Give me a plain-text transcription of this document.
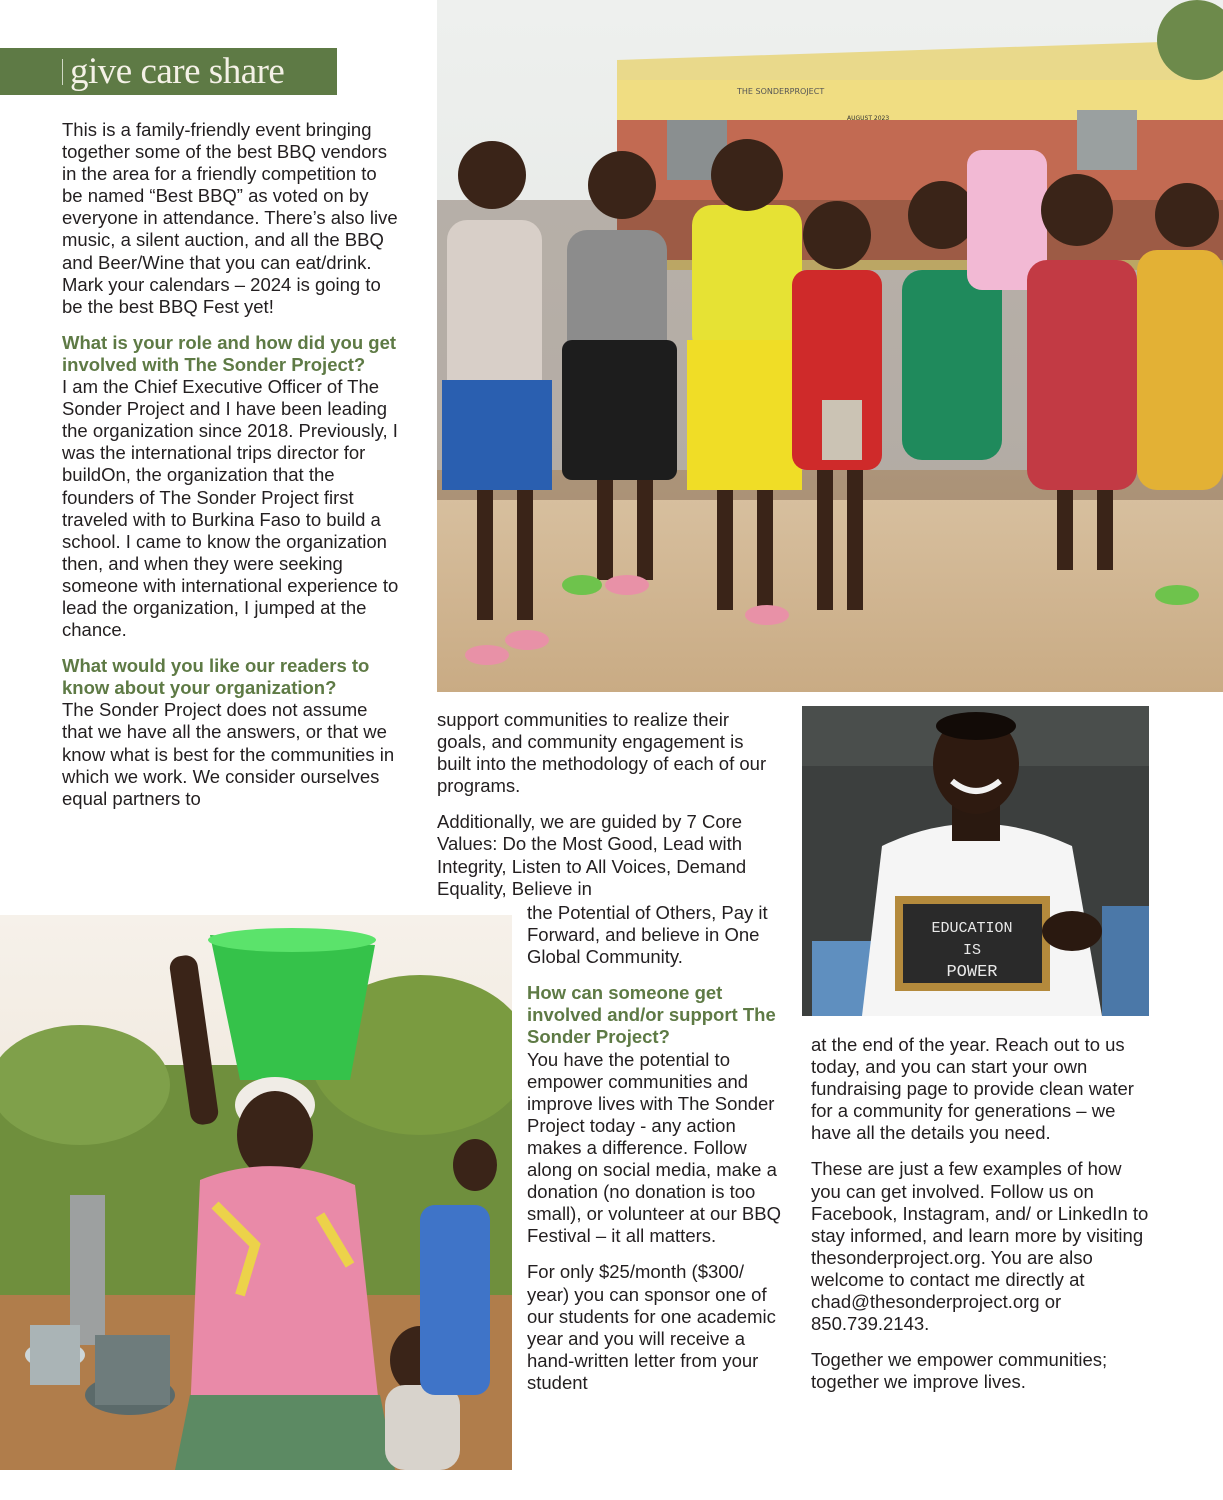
give care share

This is a family-friendly event bringing together some of the best BBQ vendors in the area for a friendly competition to be named “Best BBQ” as voted on by everyone in attendance. There’s also live music, a silent auction, and all the BBQ and Beer/Wine that you can eat/drink. Mark your calendars – 2024 is going to be the best BBQ Fest yet!

What is your role and how did you get involved with The Sonder Project?

I am the Chief Executive Officer of The Sonder Project and I have been leading the organization since 2018. Previously, I was the international trips director for buildOn, the organization that the founders of The Sonder Project first traveled with to Burkina Faso to build a school. I came to know the organization then, and when they were seeking someone with international experience to lead the organization, I jumped at the chance.

What would you like our readers to know about your organization?

The Sonder Project does not assume that we have all the answers, or that we know what is best for the communities in which we work. We consider ourselves equal partners to

THE SONDERPROJECT
AUGUST 2023

support communities to realize their goals, and community engagement is built into the methodology of each of our programs.

Additionally, we are guided by 7 Core Values: Do the Most Good, Lead with Integrity, Listen to All Voices, Demand Equality, Believe in

the Potential of Others, Pay it Forward, and believe in One Global Community.

How can someone get involved and/or support The Sonder Project?

You have the potential to empower communities and improve lives with The Sonder Project today - any action makes a difference. Follow along on social media, make a donation (no donation is too small), or volunteer at our BBQ Festival – it all matters.

For only $25/month ($300/ year) you can sponsor one of our students for one academic year and you will receive a hand-written letter from your student

EDUCATION
IS
POWER

at the end of the year. Reach out to us today, and you can start your own fundraising page to provide clean water for a community for generations – we have all the details you need.

These are just a few examples of how you can get involved. Follow us on Facebook, Instagram, and/ or LinkedIn to stay informed, and learn more by visiting thesonderproject.org. You are also welcome to contact me directly at chad@thesonderproject.org or 850.739.2143.

Together we empower communities; together we improve lives.
